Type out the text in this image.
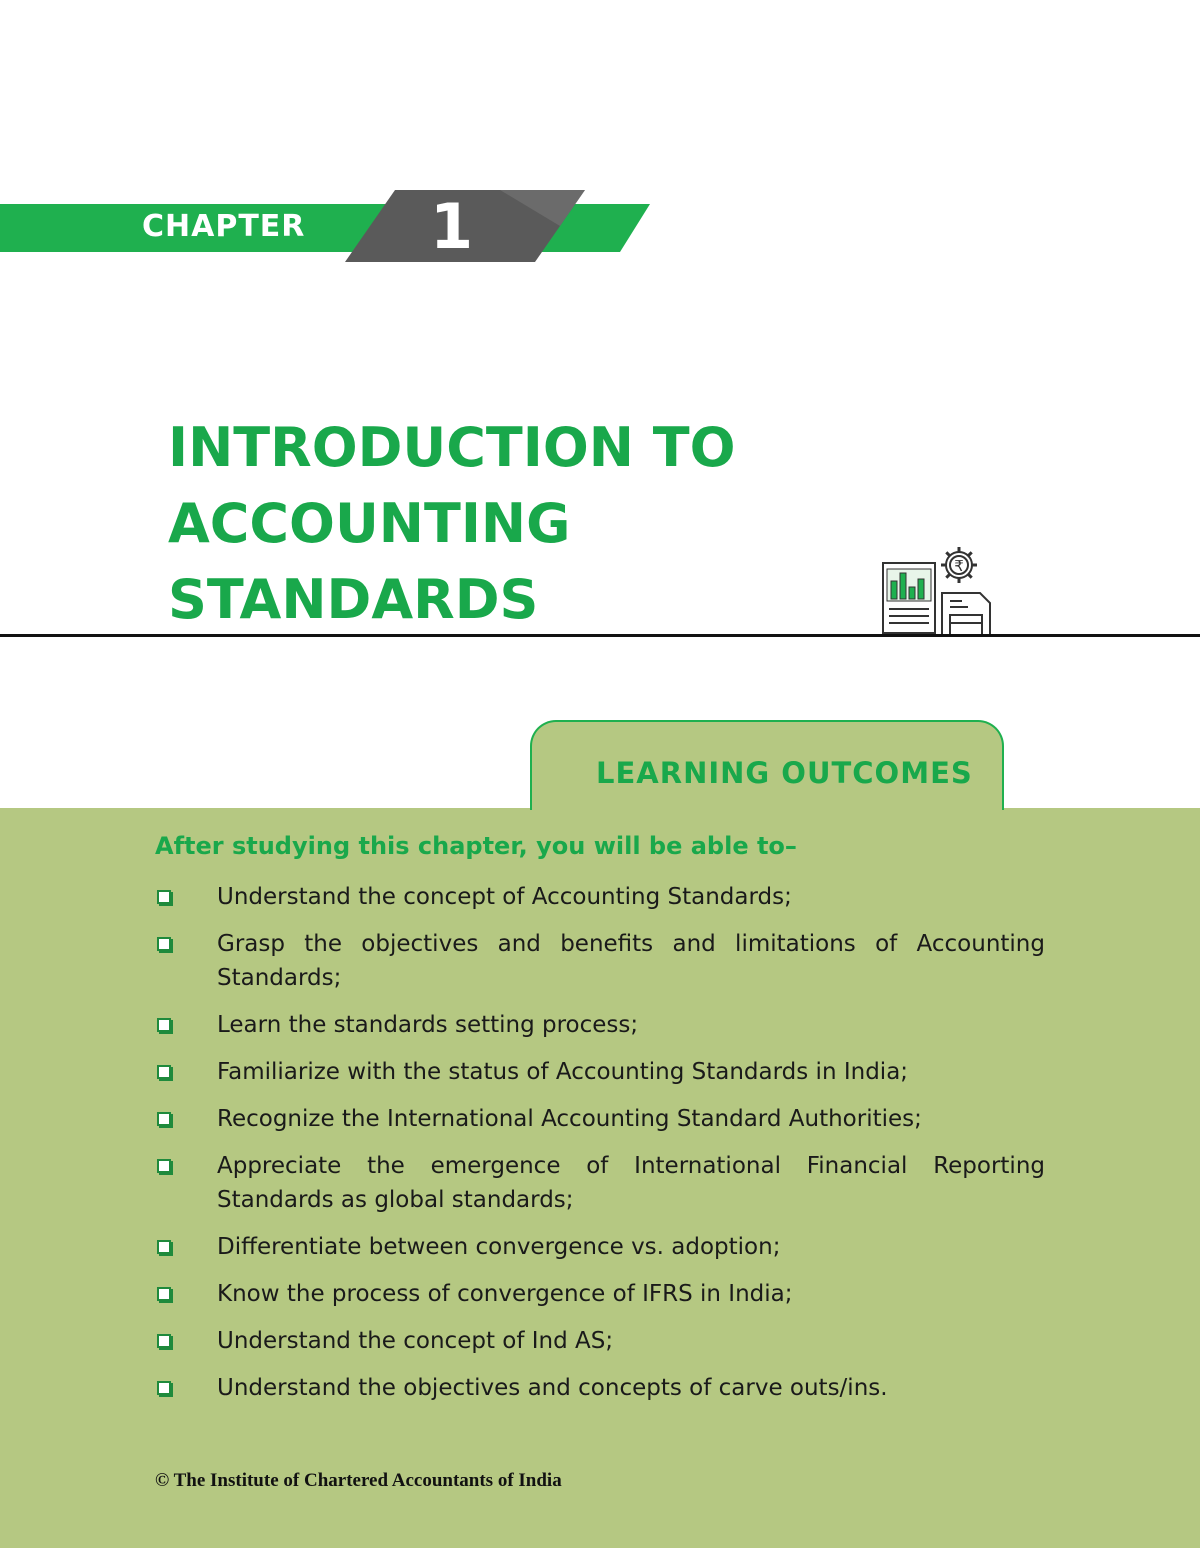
CHAPTER 1
INTRODUCTION TO
ACCOUNTING
STANDARDS
₹
LEARNING OUTCOMES
After studying this chapter, you will be able to–
Understand the concept of Accounting Standards;
Grasp the objectives and benefits and limitations of Accounting Standards;
Learn the standards setting process;
Familiarize with the status of Accounting Standards in India;
Recognize the International Accounting Standard Authorities;
Appreciate the emergence of International Financial Reporting Standards as global standards;
Differentiate between convergence vs. adoption;
Know the process of convergence of IFRS in India;
Understand the concept of Ind AS;
Understand the objectives and concepts of carve outs/ins.
© The Institute of Chartered Accountants of India
